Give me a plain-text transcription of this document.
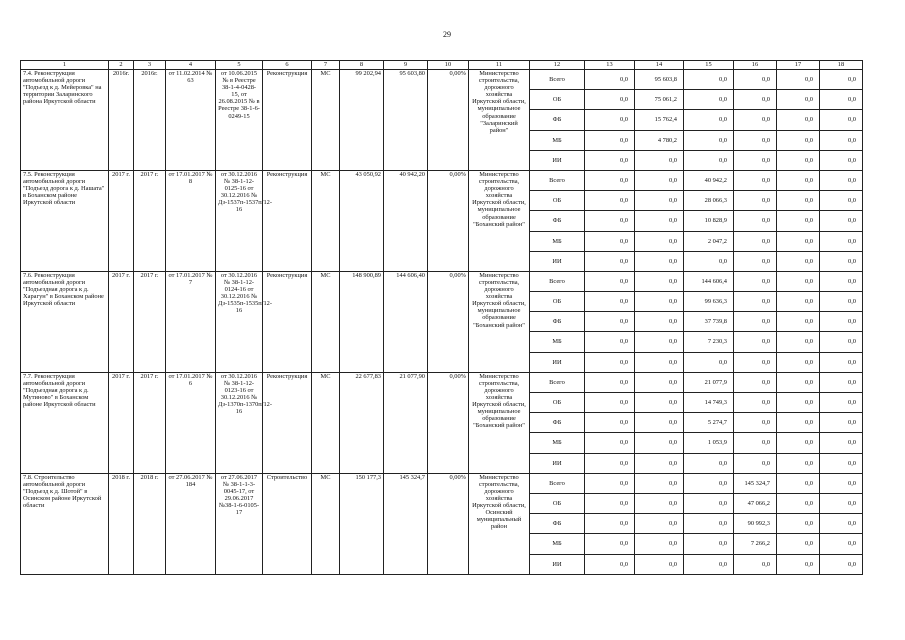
29
1	2	3	4	5	6	7	8	9	10	11	12	13	14	15	16	17	18
7.4. Реконструкция автомобильной дороги "Подъезд к д. Мейеровка" на территории Заларинского района Иркутской области	2016г.	2016г.	от 11.02.2014 № 63	от 10.06.2015 № в Реестре 38-1-4-0428-15, от 26.08.2015 № в Реестре 38-1-6-0249-15	Реконструкция	МС	99 202,94	95 603,80	0,00%	Министерство строительства, дорожного хозяйства Иркутской области, муниципальное образование "Заларинский район"	Всего	0,0	95 603,8	0,0	0,0	0,0	0,0
											ОБ	0,0	75 061,2	0,0	0,0	0,0	0,0
											ФБ	0,0	15 762,4	0,0	0,0	0,0	0,0
											МБ	0,0	4 780,2	0,0	0,0	0,0	0,0
											ИИ	0,0	0,0	0,0	0,0	0,0	0,0
7.5. Реконструкция автомобильной дороги "Подъезд дорога к д. Нашата" в Боханском районе Иркутской области	2017 г.	2017 г.	от 17.01.2017 № 8	от 30.12.2016 № 38-1-12-0125-16 от 30.12.2016 № Дз-1537п-1537п/12-16	Реконструкция	МС	43 050,92	40 942,20	0,00%	Министерство строительства, дорожного хозяйства Иркутской области, муниципальное образование "Боханский район"	Всего	0,0	0,0	40 942,2	0,0	0,0	0,0
											ОБ	0,0	0,0	28 066,3	0,0	0,0	0,0
											ФБ	0,0	0,0	10 828,9	0,0	0,0	0,0
											МБ	0,0	0,0	2 047,2	0,0	0,0	0,0
											ИИ	0,0	0,0	0,0	0,0	0,0	0,0
7.6. Реконструкция автомобильной дороги "Подъездная дорога к д. Харагун" в Боханском районе Иркутской области	2017 г.	2017 г.	от 17.01.2017 № 7	от 30.12.2016 № 38-1-12-0124-16 от 30.12.2016 № Дз-1535п-1535п/12-16	Реконструкция	МС	148 900,89	144 606,40	0,00%	Министерство строительства, дорожного хозяйства Иркутской области, муниципальное образование "Боханский район"	Всего	0,0	0,0	144 606,4	0,0	0,0	0,0
											ОБ	0,0	0,0	99 636,3	0,0	0,0	0,0
											ФБ	0,0	0,0	37 739,8	0,0	0,0	0,0
											МБ	0,0	0,0	7 230,3	0,0	0,0	0,0
											ИИ	0,0	0,0	0,0	0,0	0,0	0,0
7.7. Реконструкция автомобильной дороги "Подъездная дорога к д. Мутиново" в Боханском районе Иркутской области	2017 г.	2017 г.	от 17.01.2017 № 6	от 30.12.2016 № 38-1-12-0123-16 от 30.12.2016 № Дз-1370п-1370п/12-16	Реконструкция	МС	22 677,83	21 077,90	0,00%	Министерство строительства, дорожного хозяйства Иркутской области, муниципальное образование "Боханский район"	Всего	0,0	0,0	21 077,9	0,0	0,0	0,0
											ОБ	0,0	0,0	14 749,3	0,0	0,0	0,0
											ФБ	0,0	0,0	5 274,7	0,0	0,0	0,0
											МБ	0,0	0,0	1 053,9	0,0	0,0	0,0
											ИИ	0,0	0,0	0,0	0,0	0,0	0,0
7.8. Строительство автомобильной дороги "Подъезд к д. Шотой" в Осинском районе Иркутской области	2018 г.	2018 г.	от 27.06.2017 № 184	от 27.06.2017 № 38-1-1-3-0045-17, от 29.06.2017 №38-1-6-0105-17	Строительство	МС	150 177,3	145 324,7	0,00%	Министерство строительства, дорожного хозяйства Иркутской области, Осинский муниципальный район	Всего	0,0	0,0	0,0	145 324,7	0,0	0,0
											ОБ	0,0	0,0	0,0	47 066,2	0,0	0,0
											ФБ	0,0	0,0	0,0	90 992,3	0,0	0,0
											МБ	0,0	0,0	0,0	7 266,2	0,0	0,0
											ИИ	0,0	0,0	0,0	0,0	0,0	0,0
